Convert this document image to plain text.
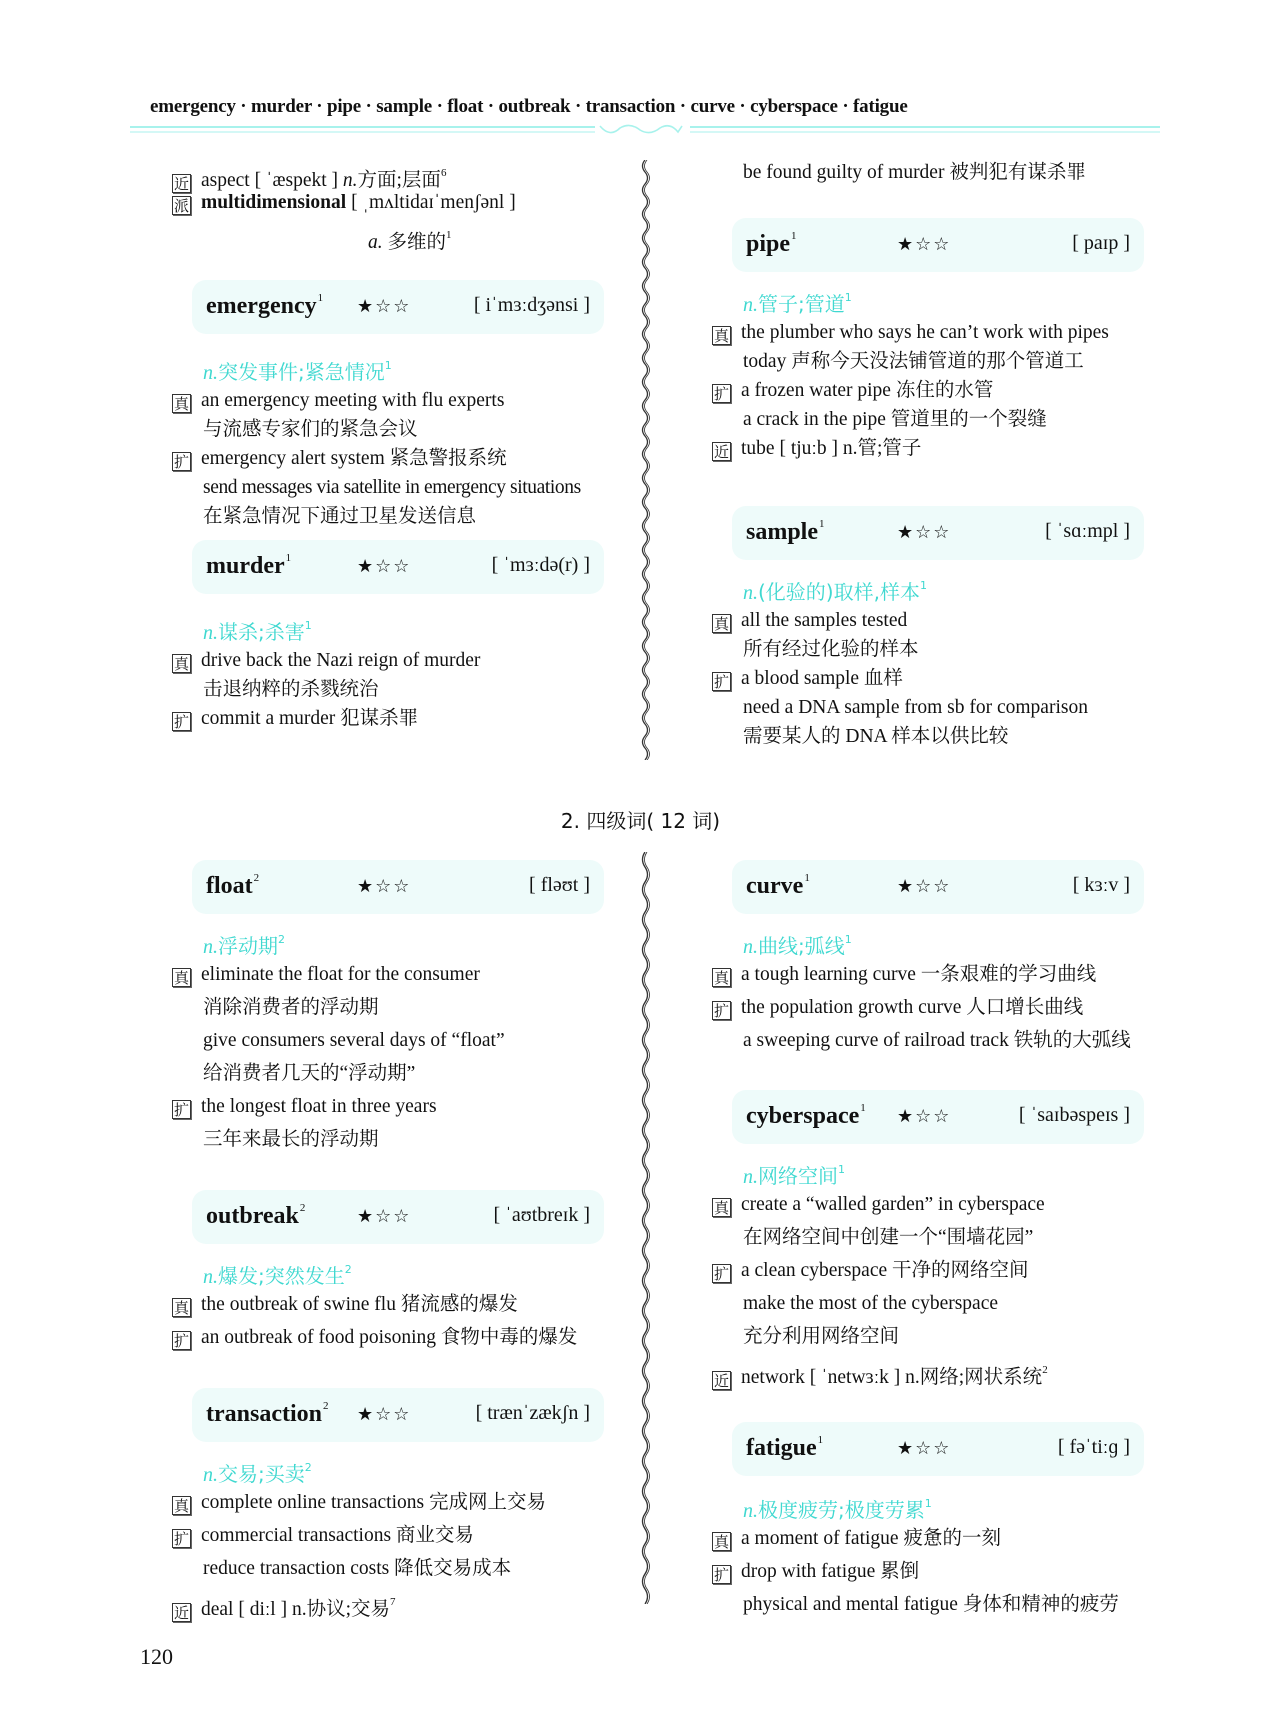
emergency · murder · pipe · sample · float · outbreak · transaction · curve · cyberspace · fatigue
近 aspect [ ˈæspekt ] n.方面;层面$^6$
派 multidimensional [ ˌmʌltidaɪˈmenʃənl ]
a. 多维的$^1$
emergency$^1$ ★☆☆	[ iˈmɜːdʒənsi ]
n.突发事件;紧急情况$^1$
真 an emergency meeting with flu experts
与流感专家们的紧急会议
扩 emergency alert system 紧急警报系统
send messages via satellite in emergency situations
在紧急情况下通过卫星发送信息
murder$^1$	★☆☆	[ ˈmɜːdə(r) ]
n.谋杀;杀害$^1$
真 drive back the Nazi reign of murder
击退纳粹的杀戮统治
扩 commit a murder 犯谋杀罪
be found guilty of murder 被判犯有谋杀罪
pipe$^1$	★☆☆	[ paɪp ]
n.管子;管道$^1$
真 the plumber who says he can’t work with pipes
today 声称今天没法铺管道的那个管道工
扩 a frozen water pipe 冻住的水管
a crack in the pipe 管道里的一个裂缝
近 tube [ tjuːb ] n.管;管子
sample$^1$	★☆☆	[ ˈsɑːmpl ]
n.(化验的)取样,样本$^1$
真 all the samples tested
所有经过化验的样本
扩 a blood sample 血样
need a DNA sample from sb for comparison
需要某人的 DNA 样本以供比较
2. 四级词( 12 词)
float$^2$	★☆☆	[ fləʊt ]
n.浮动期$^2$
真 eliminate the float for the consumer
消除消费者的浮动期
give consumers several days of “float”
给消费者几天的“浮动期”
扩 the longest float in three years
三年来最长的浮动期
outbreak$^2$	★☆☆	[ ˈaʊtbreɪk ]
n.爆发;突然发生$^2$
真 the outbreak of swine flu 猪流感的爆发
扩 an outbreak of food poisoning 食物中毒的爆发
transaction$^2$ ★☆☆	[ trænˈzækʃn ]
n.交易;买卖$^2$
真 complete online transactions 完成网上交易
扩 commercial transactions 商业交易
reduce transaction costs 降低交易成本
近 deal [ diːl ] n.协议;交易$^7$
curve$^1$	★☆☆	[ kɜːv ]
n.曲线;弧线$^1$
真 a tough learning curve 一条艰难的学习曲线
扩 the population growth curve 人口增长曲线
a sweeping curve of railroad track 铁轨的大弧线
cyberspace$^1$ ★☆☆	[ ˈsaɪbəspeɪs ]
n.网络空间$^1$
真 create a “walled garden” in cyberspace
在网络空间中创建一个“围墙花园”
扩 a clean cyberspace 干净的网络空间
make the most of the cyberspace
充分利用网络空间
近 network [ ˈnetwɜːk ] n.网络;网状系统$^2$
fatigue$^1$	★☆☆	[ fəˈtiːɡ ]
n.极度疲劳;极度劳累$^1$
真 a moment of fatigue 疲惫的一刻
扩 drop with fatigue 累倒
physical and mental fatigue 身体和精神的疲劳
120
